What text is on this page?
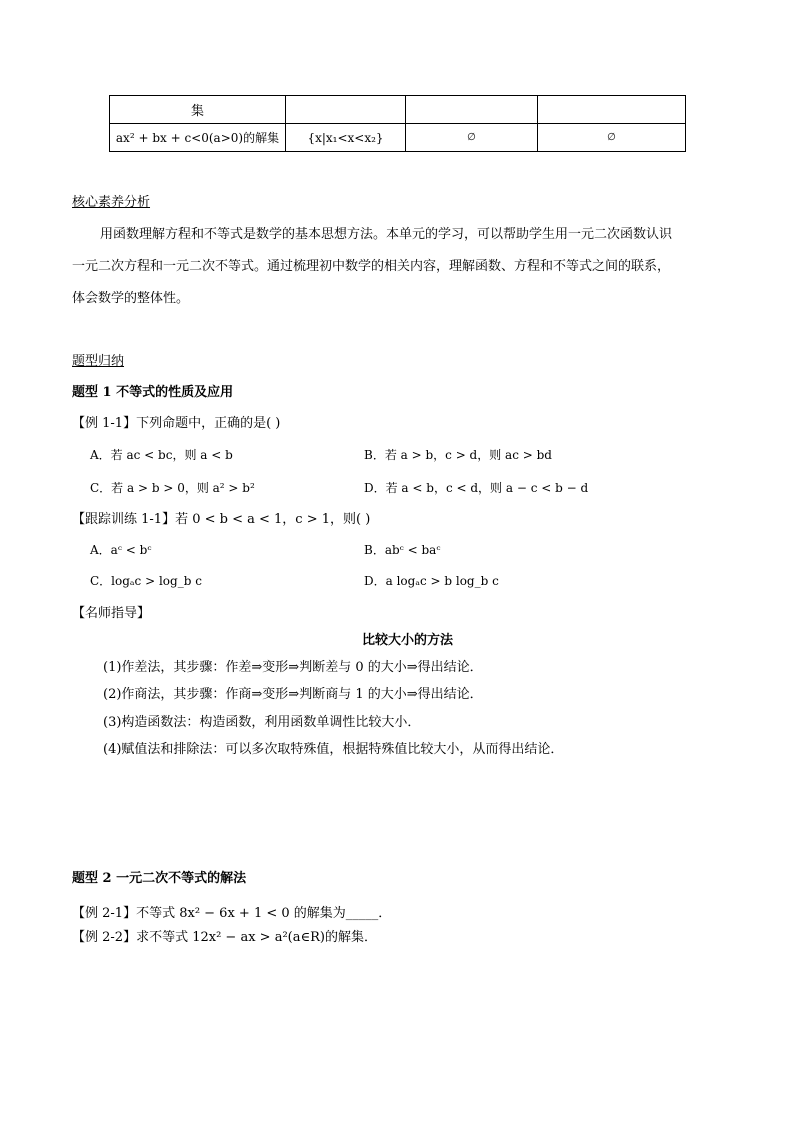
集			
ax² + bx + c<0(a>0)的解集	{x|x₁<x<x₂}	∅	∅
核心素养分析
用函数理解方程和不等式是数学的基本思想方法。本单元的学习，可以帮助学生用一元二次函数认识
一元二次方程和一元二次不等式。通过梳理初中数学的相关内容，理解函数、方程和不等式之间的联系，
体会数学的整体性。
题型归纳
题型 1 不等式的性质及应用
【例 1-1】下列命题中，正确的是( )
A．若 ac < bc，则 a < b	B．若 a > b，c > d，则 ac > bd
C．若 a > b > 0，则 a² > b²	D．若 a < b，c < d，则 a − c < b − d
【跟踪训练 1-1】若 0 < b < a < 1，c > 1，则( )
A．aᶜ < bᶜ	B．abᶜ < baᶜ
C．logₐc > log_b c	D．a logₐc > b log_b c
【名师指导】
比较大小的方法
(1)作差法，其步骤：作差⇒变形⇒判断差与 0 的大小⇒得出结论．
(2)作商法，其步骤：作商⇒变形⇒判断商与 1 的大小⇒得出结论．
(3)构造函数法：构造函数，利用函数单调性比较大小．
(4)赋值法和排除法：可以多次取特殊值，根据特殊值比较大小，从而得出结论．
题型 2 一元二次不等式的解法
【例 2-1】不等式 8x² − 6x + 1 < 0 的解集为_____．
【例 2-2】求不等式 12x² − ax > a²(a∈R)的解集．
